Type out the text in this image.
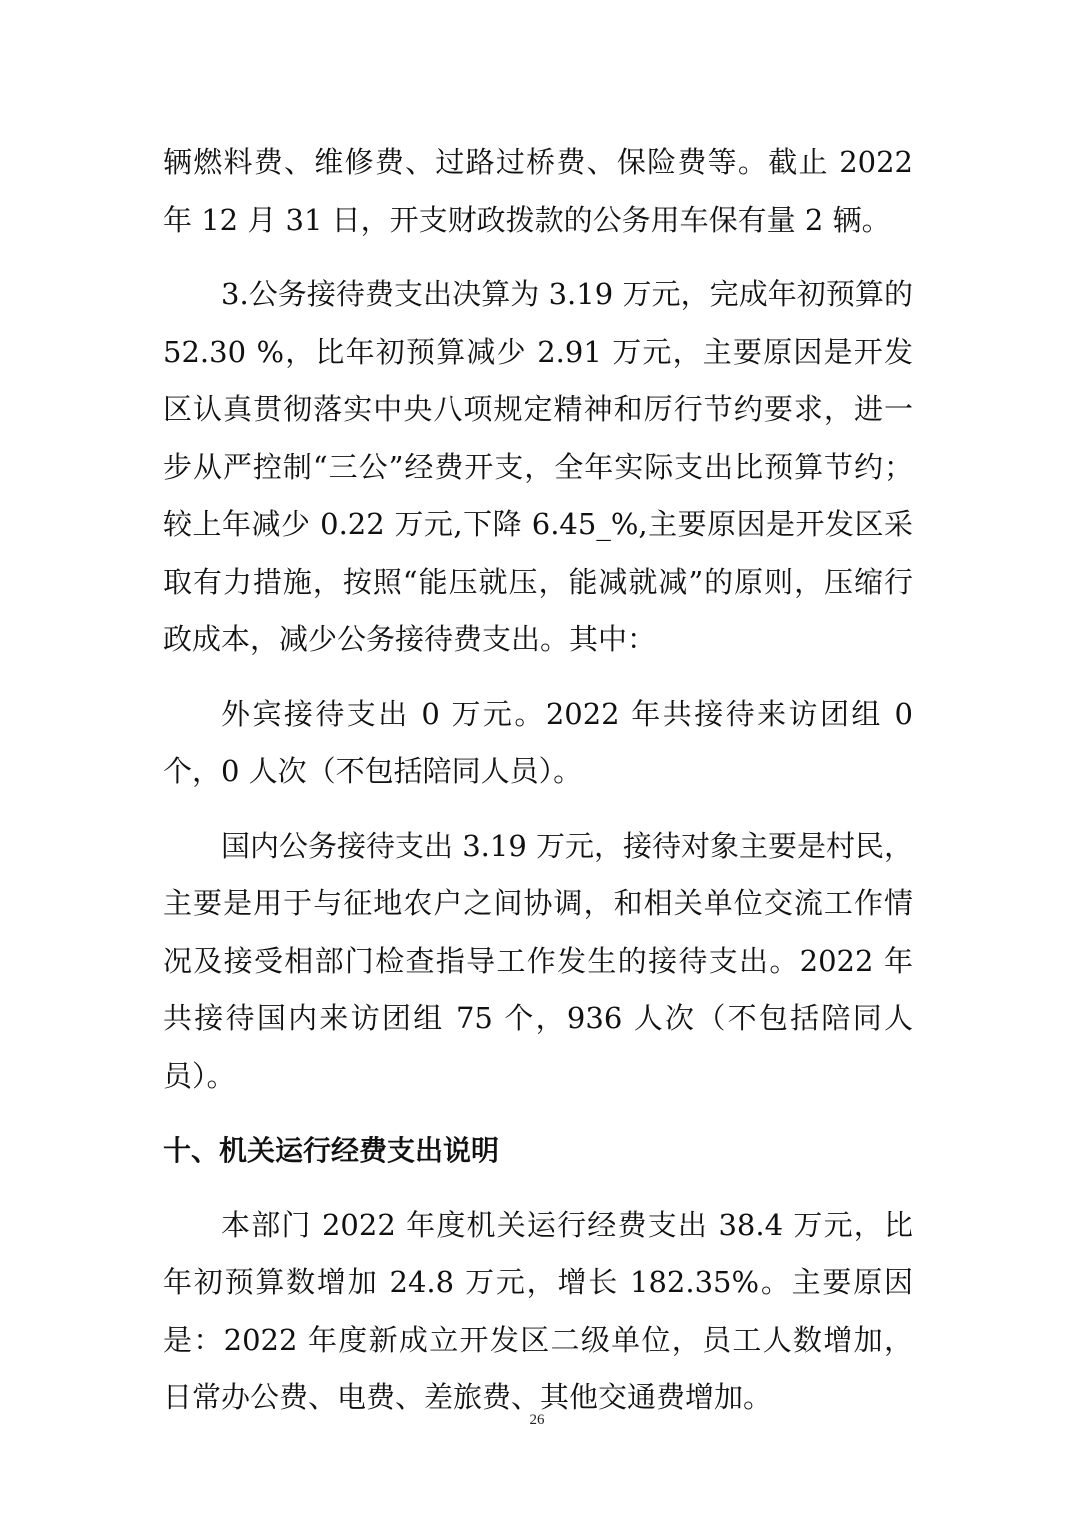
辆燃料费、维修费、过路过桥费、保险费等。截止 2022 年 12 月 31 日，开支财政拨款的公务用车保有量 2 辆。

3.公务接待费支出决算为 3.19 万元，完成年初预算的 52.30 %，比年初预算减少 2.91 万元，主要原因是开发区认真贯彻落实中央八项规定精神和厉行节约要求，进一步从严控制“三公”经费开支，全年实际支出比预算节约；较上年减少 0.22 万元,下降 6.45_%,主要原因是开发区采取有力措施，按照“能压就压，能减就减”的原则，压缩行政成本，减少公务接待费支出。其中：

外宾接待支出 0 万元。2022 年共接待来访团组 0 个，0 人次（不包括陪同人员）。

国内公务接待支出 3.19 万元，接待对象主要是村民，主要是用于与征地农户之间协调，和相关单位交流工作情况及接受相部门检查指导工作发生的接待支出。2022 年共接待国内来访团组 75 个，936 人次（不包括陪同人员）。

十、机关运行经费支出说明

本部门 2022 年度机关运行经费支出 38.4 万元，比年初预算数增加 24.8 万元，增长 182.35%。主要原因是：2022 年度新成立开发区二级单位，员工人数增加，日常办公费、电费、差旅费、其他交通费增加。

26
